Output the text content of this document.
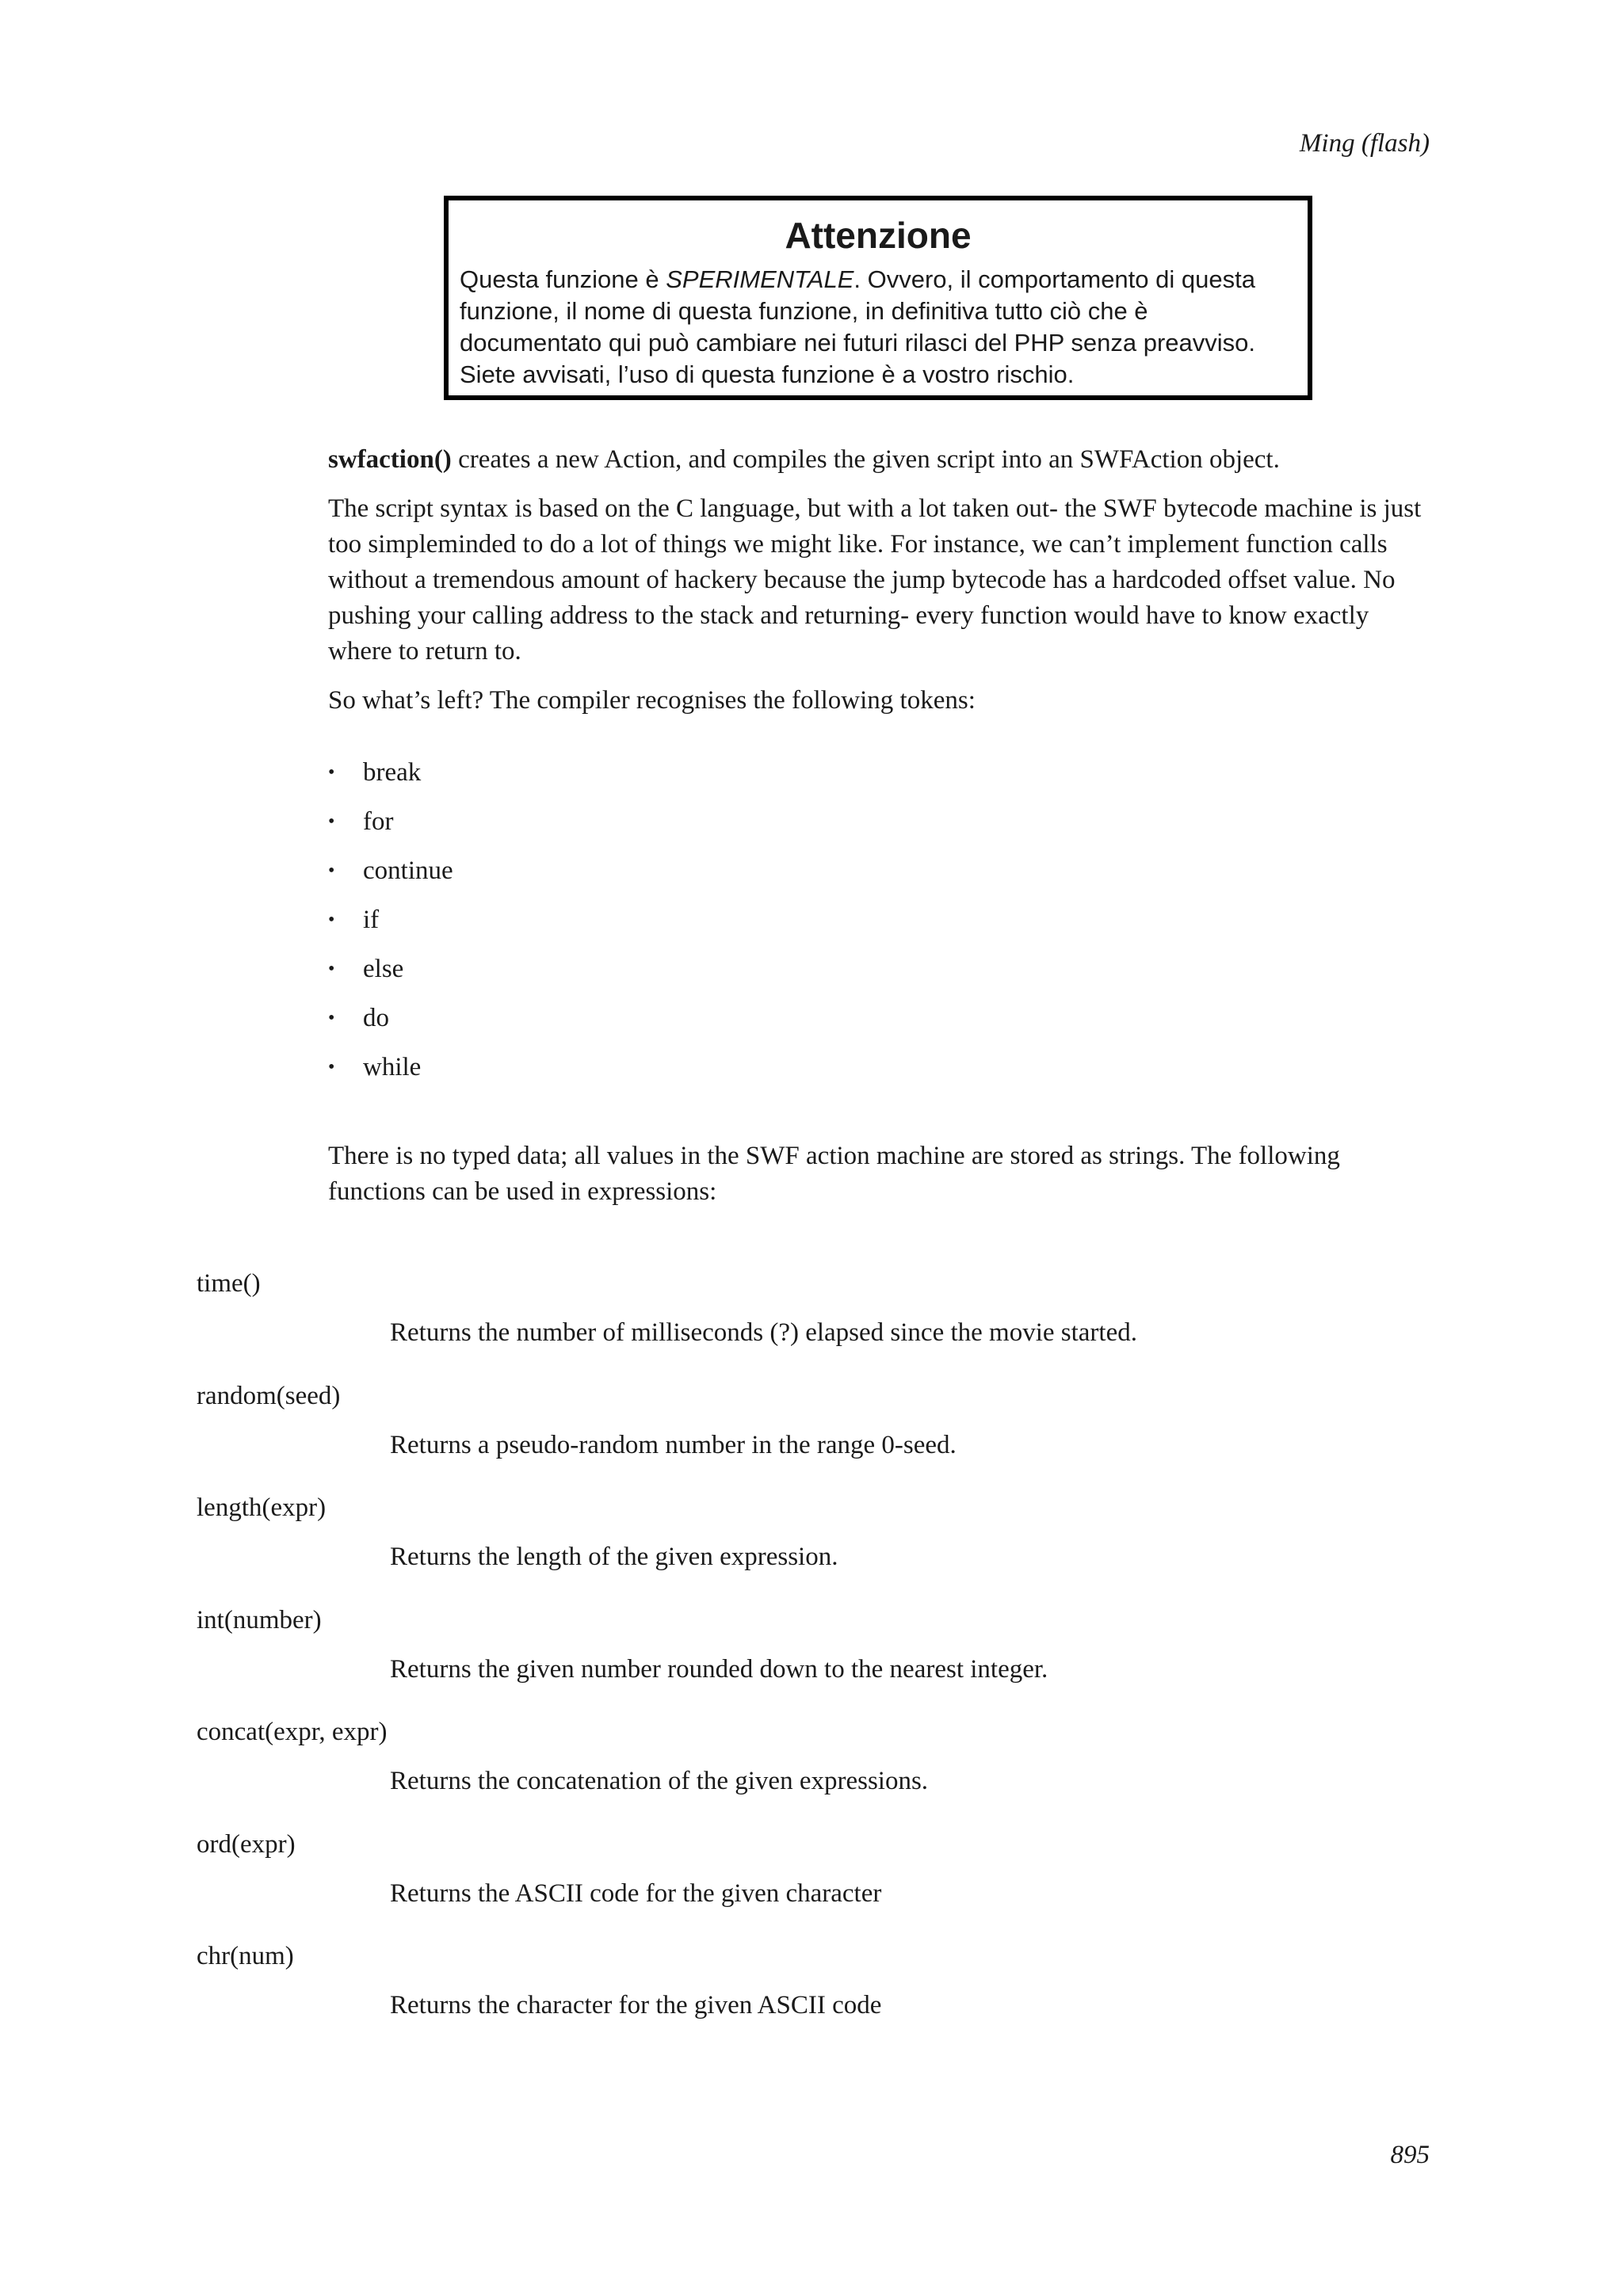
Ming (flash)
Attenzione
Questa funzione è SPERIMENTALE. Ovvero, il comportamento di questa funzione, il nome di questa funzione, in definitiva tutto ciò che è documentato qui può cambiare nei futuri rilasci del PHP senza preavviso. Siete avvisati, l’uso di questa funzione è a vostro rischio.

swfaction() creates a new Action, and compiles the given script into an SWFAction object.

The script syntax is based on the C language, but with a lot taken out- the SWF bytecode machine is just too simpleminded to do a lot of things we might like. For instance, we can’t implement function calls without a tremendous amount of hackery because the jump bytecode has a hardcoded offset value. No pushing your calling address to the stack and returning- every function would have to know exactly where to return to.

So what’s left? The compiler recognises the following tokens:

• break
• for
• continue
• if
• else
• do
• while

There is no typed data; all values in the SWF action machine are stored as strings. The following functions can be used in expressions:

time()
Returns the number of milliseconds (?) elapsed since the movie started.
random(seed)
Returns a pseudo-random number in the range 0-seed.
length(expr)
Returns the length of the given expression.
int(number)
Returns the given number rounded down to the nearest integer.
concat(expr, expr)
Returns the concatenation of the given expressions.
ord(expr)
Returns the ASCII code for the given character
chr(num)
Returns the character for the given ASCII code
895
